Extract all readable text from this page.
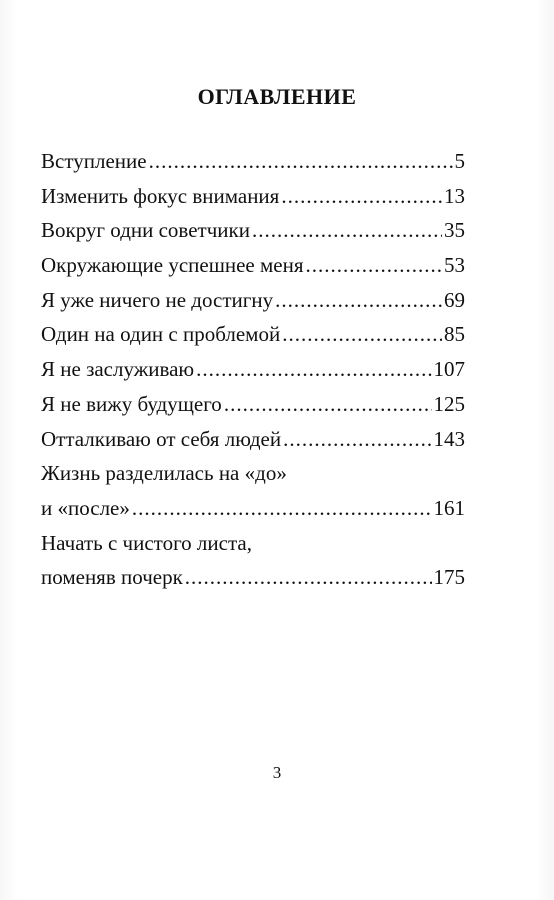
ОГЛАВЛЕНИЕ
Вступление .....	5
Изменить фокус внимания .....	13
Вокруг одни советчики .....	35
Окружающие успешнее меня .....	53
Я уже ничего не достигну .....	69
Один на один с проблемой .....	85
Я не заслуживаю .....	107
Я не вижу будущего .....	125
Отталкиваю от себя людей .....	143
Жизнь разделилась на «до»
и «после» .....	161
Начать с чистого листа,
поменяв почерк .....	175
3
